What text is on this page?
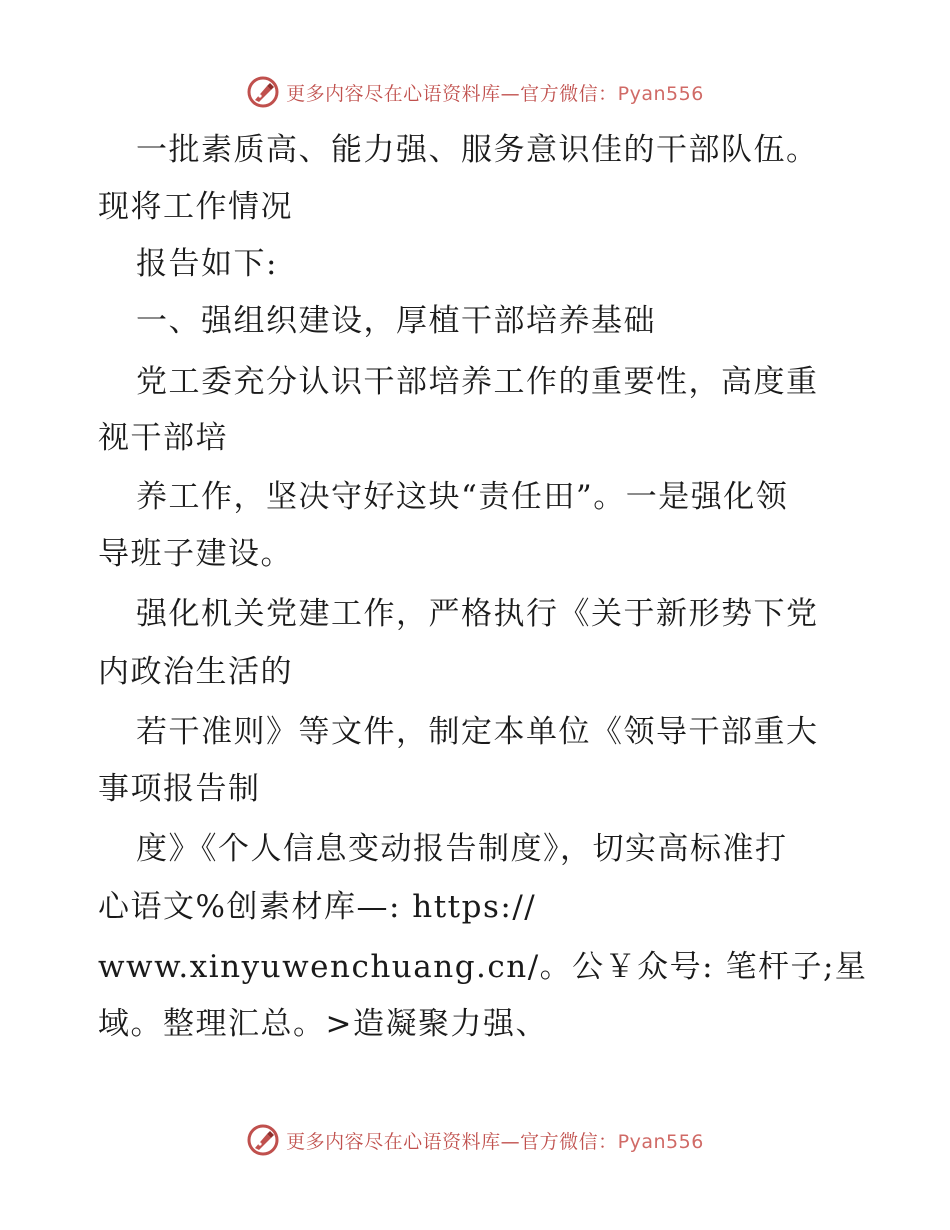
更多内容尽在心语资料库—官方微信：Pyan556
一批素质高、能力强、服务意识佳的干部队伍。
现将工作情况
报告如下:
一、强组织建设，厚植干部培养基础
党工委充分认识干部培养工作的重要性，高度重
视干部培
养工作，坚决守好这块“责任田”。一是强化领
导班子建设。
强化机关党建工作，严格执行《关于新形势下党
内政治生活的
若干准则》等文件，制定本单位《领导干部重大
事项报告制
度》《个人信息变动报告制度》，切实高标准打
心语文%创素材库—: https://
www.xinyuwenchuang.cn/。公￥众号: 笔杆子;星
域。整理汇总。>造凝聚力强、
更多内容尽在心语资料库—官方微信：Pyan556
